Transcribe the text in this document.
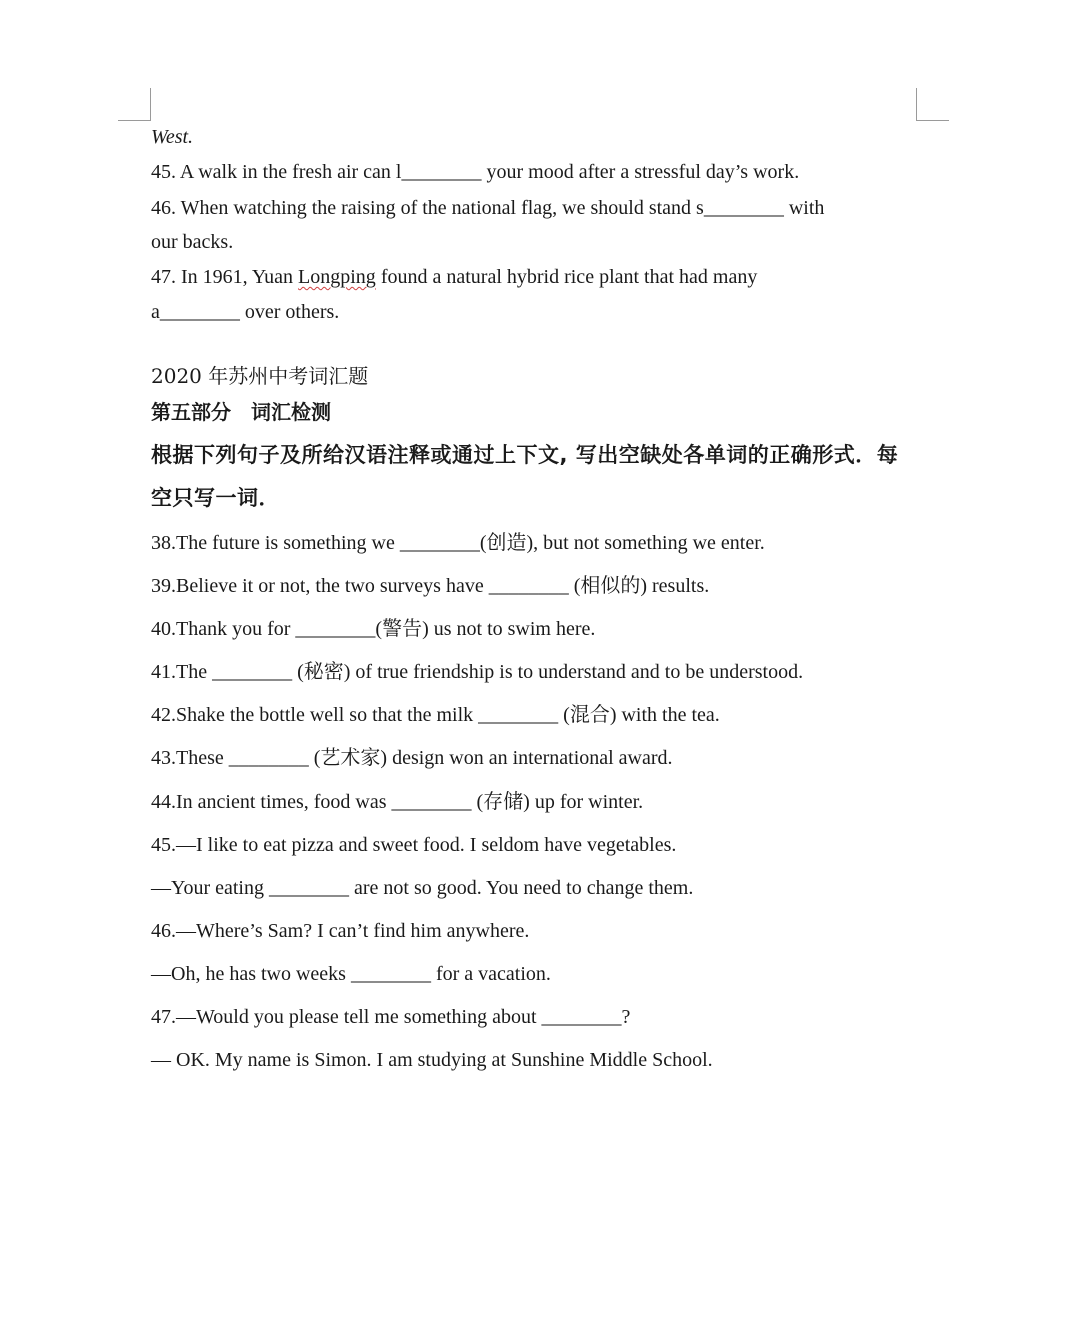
West.
45. A walk in the fresh air can l________ your mood after a stressful day’s work.
46. When watching the raising of the national flag, we should stand s________ with
our backs.
47. In 1961, Yuan Longping found a natural hybrid rice plant that had many
a________ over others.
2020 年苏州中考词汇题
第五部分　词汇检测
根据下列句子及所给汉语注释或通过上下文, 写出空缺处各单词的正确形式．每
空只写一词．
38.The future is something we ________(创造), but not something we enter.
39.Believe it or not, the two surveys have ________ (相似的) results.
40.Thank you for ________(警告) us not to swim here.
41.The ________ (秘密) of true friendship is to understand and to be understood.
42.Shake the bottle well so that the milk ________ (混合) with the tea.
43.These ________ (艺术家) design won an international award.
44.In ancient times, food was ________ (存储) up for winter.
45.—I like to eat pizza and sweet food. I seldom have vegetables.
—Your eating ________ are not so good. You need to change them.
46.—Where’s Sam? I can’t find him anywhere.
—Oh, he has two weeks ________ for a vacation.
47.—Would you please tell me something about ________?
— OK. My name is Simon. I am studying at Sunshine Middle School.
